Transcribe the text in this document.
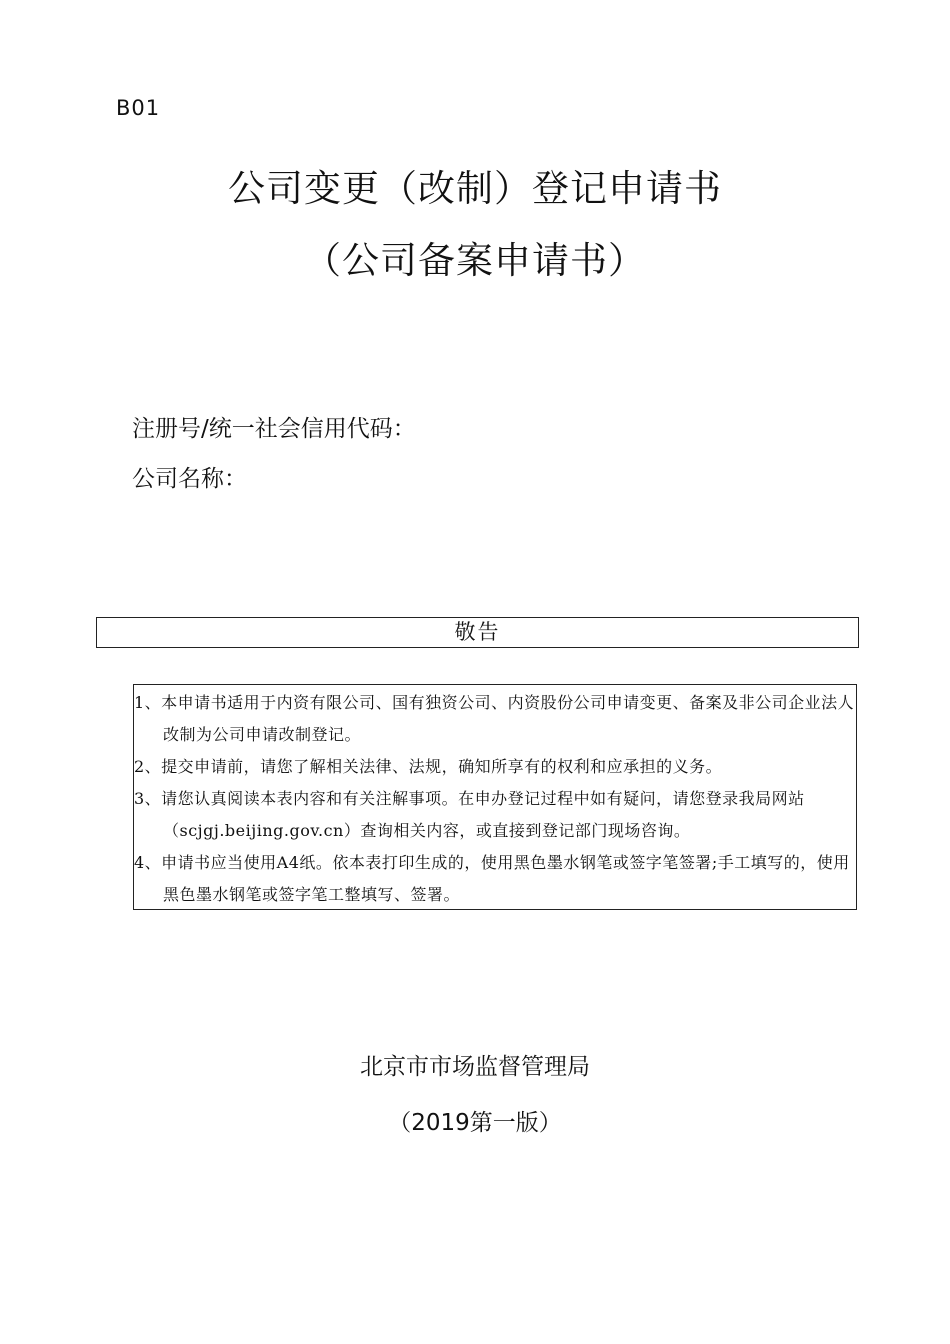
B01
公司变更（改制）登记申请书
（公司备案申请书）
注册号/统一社会信用代码：
公司名称：
敬告
1、本申请书适用于内资有限公司、国有独资公司、内资股份公司申请变更、备案及非公司企业法人改制为公司申请改制登记。
2、提交申请前，请您了解相关法律、法规，确知所享有的权利和应承担的义务。
3、请您认真阅读本表内容和有关注解事项。在申办登记过程中如有疑问，请您登录我局网站（scjgj.beijing.gov.cn）查询相关内容，或直接到登记部门现场咨询。
4、申请书应当使用A4纸。依本表打印生成的，使用黑色墨水钢笔或签字笔签署;手工填写的，使用黑色墨水钢笔或签字笔工整填写、签署。
北京市市场监督管理局
（2019第一版）
